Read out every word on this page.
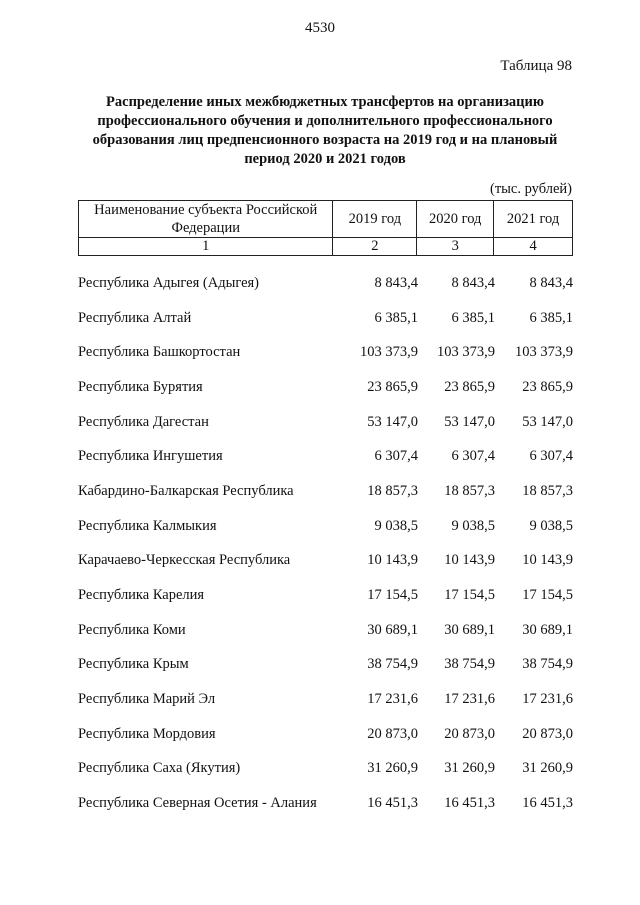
4530
Таблица 98
Распределение иных межбюджетных трансфертов на организацию профессионального обучения и дополнительного профессионального образования лиц предпенсионного возраста на 2019 год и на плановый период 2020 и 2021 годов
(тыс. рублей)
Наименование субъекта Российской Федерации	2019 год	2020 год	2021 год
1	2	3	4
Республика Адыгея (Адыгея)	8 843,4	8 843,4	8 843,4
Республика Алтай	6 385,1	6 385,1	6 385,1
Республика Башкортостан	103 373,9	103 373,9	103 373,9
Республика Бурятия	23 865,9	23 865,9	23 865,9
Республика Дагестан	53 147,0	53 147,0	53 147,0
Республика Ингушетия	6 307,4	6 307,4	6 307,4
Кабардино-Балкарская Республика	18 857,3	18 857,3	18 857,3
Республика Калмыкия	9 038,5	9 038,5	9 038,5
Карачаево-Черкесская Республика	10 143,9	10 143,9	10 143,9
Республика Карелия	17 154,5	17 154,5	17 154,5
Республика Коми	30 689,1	30 689,1	30 689,1
Республика Крым	38 754,9	38 754,9	38 754,9
Республика Марий Эл	17 231,6	17 231,6	17 231,6
Республика Мордовия	20 873,0	20 873,0	20 873,0
Республика Саха (Якутия)	31 260,9	31 260,9	31 260,9
Республика Северная Осетия - Алания	16 451,3	16 451,3	16 451,3
